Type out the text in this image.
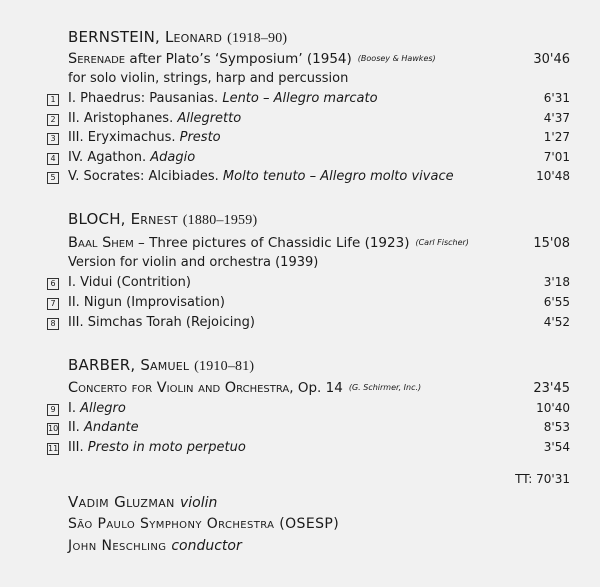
BERNSTEIN, Leonard (1918–90)
Serenade after Plato’s ‘Symposium’ (1954) (Boosey & Hawkes)	30'46
for solo violin, strings, harp and percussion
1 I. Phaedrus: Pausanias. Lento – Allegro marcato	6'31
2 II. Aristophanes. Allegretto	4'37
3 III. Eryximachus. Presto	1'27
4 IV. Agathon. Adagio	7'01
5 V. Socrates: Alcibiades. Molto tenuto – Allegro molto vivace	10'48
BLOCH, Ernest (1880–1959)
Baal Shem – Three pictures of Chassidic Life (1923) (Carl Fischer)	15'08
Version for violin and orchestra (1939)
6 I. Vidui (Contrition)	3'18
7 II. Nigun (Improvisation)	6'55
8 III. Simchas Torah (Rejoicing)	4'52
BARBER, Samuel (1910–81)
Concerto for Violin and Orchestra, Op. 14 (G. Schirmer, Inc.)	23'45
9 I. Allegro	10'40
10 II. Andante	8'53
11 III. Presto in moto perpetuo	3'54
TT: 70'31
Vadim Gluzman violin
São Paulo Symphony Orchestra (OSESP)
John Neschling conductor
